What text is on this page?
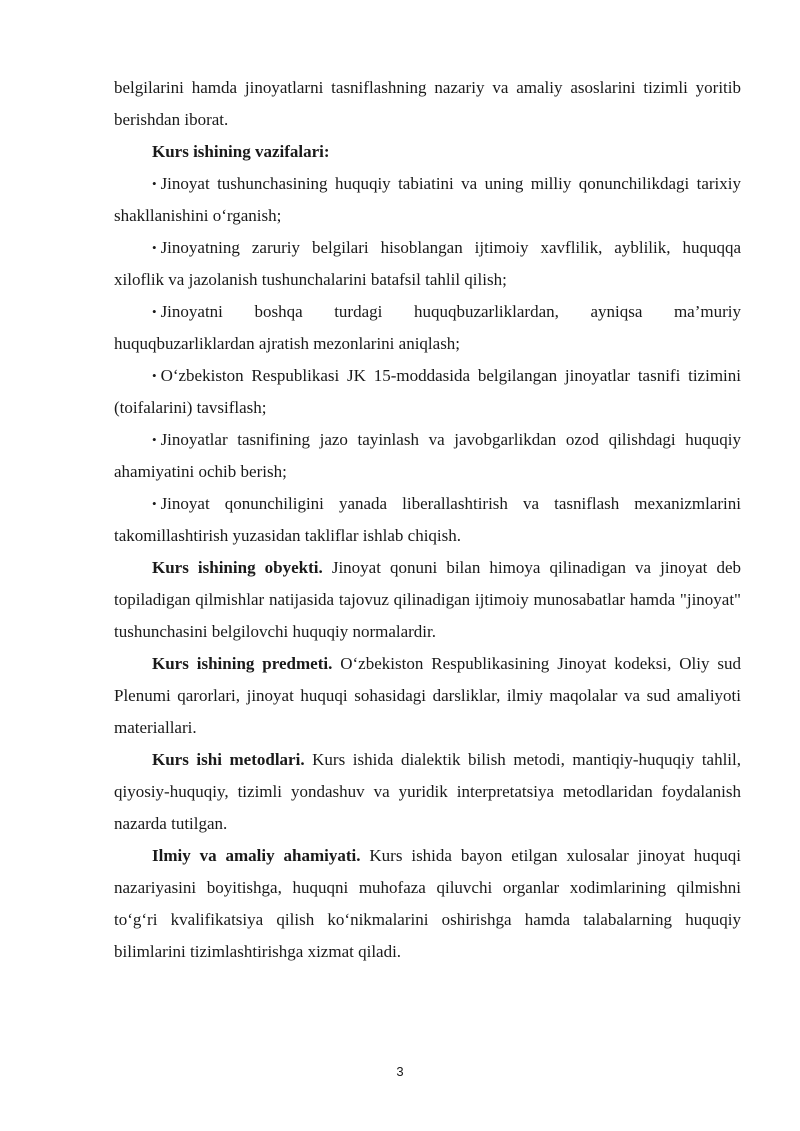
belgilarini hamda jinoyatlarni tasniflashning nazariy va amaliy asoslarini tizimli yoritib berishdan iborat.

Kurs ishining vazifalari:

• Jinoyat tushunchasining huquqiy tabiatini va uning milliy qonunchilikdagi tarixiy shakllanishini oʻrganish;

• Jinoyatning zaruriy belgilari hisoblangan ijtimoiy xavflilik, ayblilik, huquqqa xiloflik va jazolanish tushunchalarini batafsil tahlil qilish;

• Jinoyatni boshqa turdagi huquqbuzarliklardan, ayniqsa ma’muriy huquqbuzarliklardan ajratish mezonlarini aniqlash;

• Oʻzbekiston Respublikasi JK 15-moddasida belgilangan jinoyatlar tasnifi tizimini (toifalarini) tavsiflash;

• Jinoyatlar tasnifining jazo tayinlash va javobgarlikdan ozod qilishdagi huquqiy ahamiyatini ochib berish;

• Jinoyat qonunchiligini yanada liberallashtirish va tasniflash mexanizmlarini takomillashtirish yuzasidan takliflar ishlab chiqish.

Kurs ishining obyekti. Jinoyat qonuni bilan himoya qilinadigan va jinoyat deb topiladigan qilmishlar natijasida tajovuz qilinadigan ijtimoiy munosabatlar hamda "jinoyat" tushunchasini belgilovchi huquqiy normalardir.

Kurs ishining predmeti. Oʻzbekiston Respublikasining Jinoyat kodeksi, Oliy sud Plenumi qarorlari, jinoyat huquqi sohasidagi darsliklar, ilmiy maqolalar va sud amaliyoti materiallari.

Kurs ishi metodlari. Kurs ishida dialektik bilish metodi, mantiqiy-huquqiy tahlil, qiyosiy-huquqiy, tizimli yondashuv va yuridik interpretatsiya metodlaridan foydalanish nazarda tutilgan.

Ilmiy va amaliy ahamiyati. Kurs ishida bayon etilgan xulosalar jinoyat huquqi nazariyasini boyitishga, huquqni muhofaza qiluvchi organlar xodimlarining qilmishni toʻgʻri kvalifikatsiya qilish koʻnikmalarini oshirishga hamda talabalarning huquqiy bilimlarini tizimlashtirishga xizmat qiladi.

3
